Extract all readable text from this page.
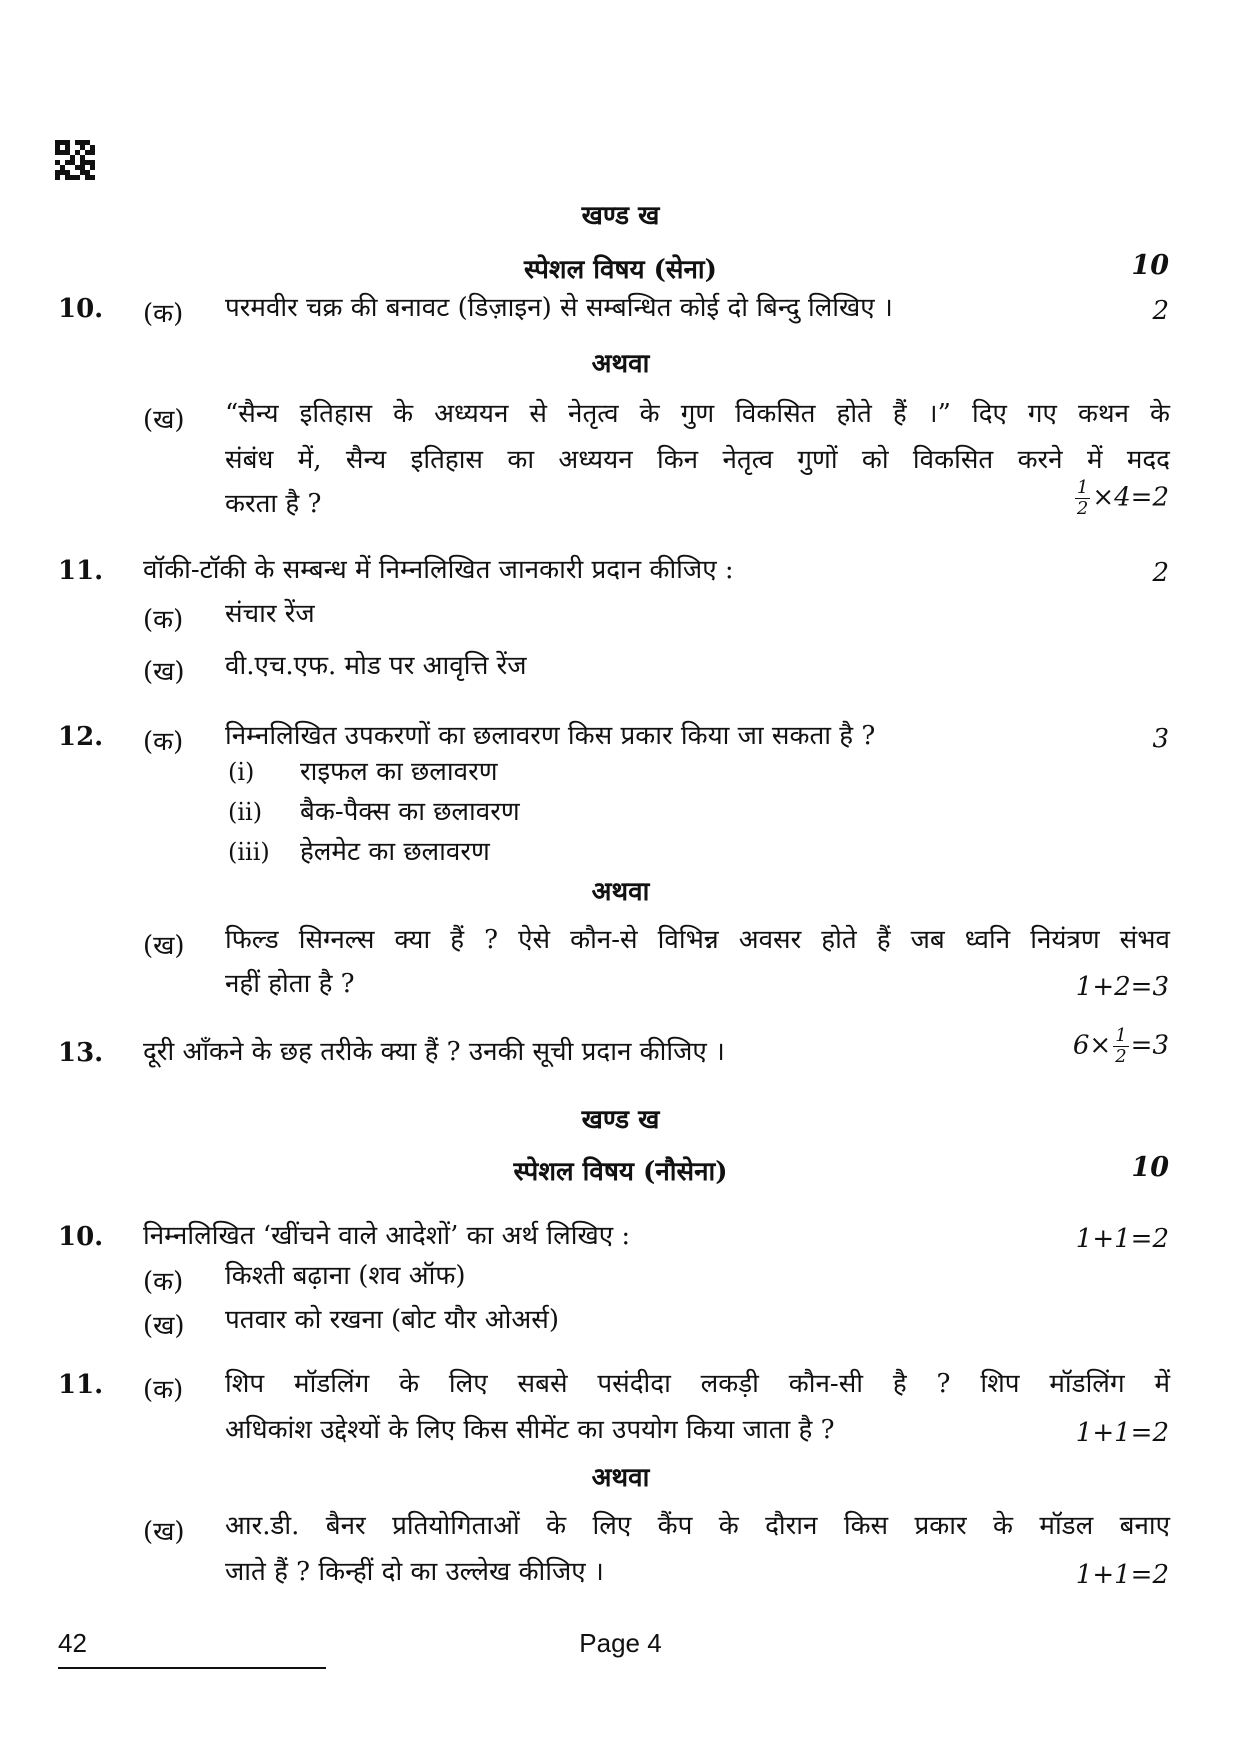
खण्ड ख
स्पेशल विषय (सेना)	10
10. (क) परमवीर चक्र की बनावट (डिज़ाइन) से सम्बन्धित कोई दो बिन्दु लिखिए ।	2
अथवा
(ख) “सैन्य इतिहास के अध्ययन से नेतृत्व के गुण विकसित होते हैं ।” दिए गए कथन के
संबंध में, सैन्य इतिहास का अध्ययन किन नेतृत्व गुणों को विकसित करने में मदद
करता है ?	$\frac{1}{2} \times 4=2$
11. वॉकी-टॉकी के सम्बन्ध में निम्नलिखित जानकारी प्रदान कीजिए :	2
(क) संचार रेंज
(ख) वी.एच.एफ. मोड पर आवृत्ति रेंज
12. (क) निम्नलिखित उपकरणों का छलावरण किस प्रकार किया जा सकता है ?	3
(i) राइफल का छलावरण
(ii) बैक-पैक्स का छलावरण
(iii) हेलमेट का छलावरण
अथवा
(ख) फिल्ड सिग्नल्स क्या हैं ? ऐसे कौन-से विभिन्न अवसर होते हैं जब ध्वनि नियंत्रण संभव
नहीं होता है ?	1+2=3
13. दूरी आँकने के छह तरीके क्या हैं ? उनकी सूची प्रदान कीजिए ।	$6\times \frac{1}{2} =3$
खण्ड ख
स्पेशल विषय (नौसेना)	10
10. निम्नलिखित ‘खींचने वाले आदेशों’ का अर्थ लिखिए :	1+1=2
(क) किश्ती बढ़ाना (शव ऑफ)
(ख) पतवार को रखना (बोट यौर ओअर्स)
11. (क) शिप मॉडलिंग के लिए सबसे पसंदीदा लकड़ी कौन-सी है ? शिप मॉडलिंग में
अधिकांश उद्देश्यों के लिए किस सीमेंट का उपयोग किया जाता है ?	1+1=2
अथवा
(ख) आर.डी. बैनर प्रतियोगिताओं के लिए कैंप के दौरान किस प्रकार के मॉडल बनाए
जाते हैं ? किन्हीं दो का उल्लेख कीजिए ।	1+1=2
42	Page 4
